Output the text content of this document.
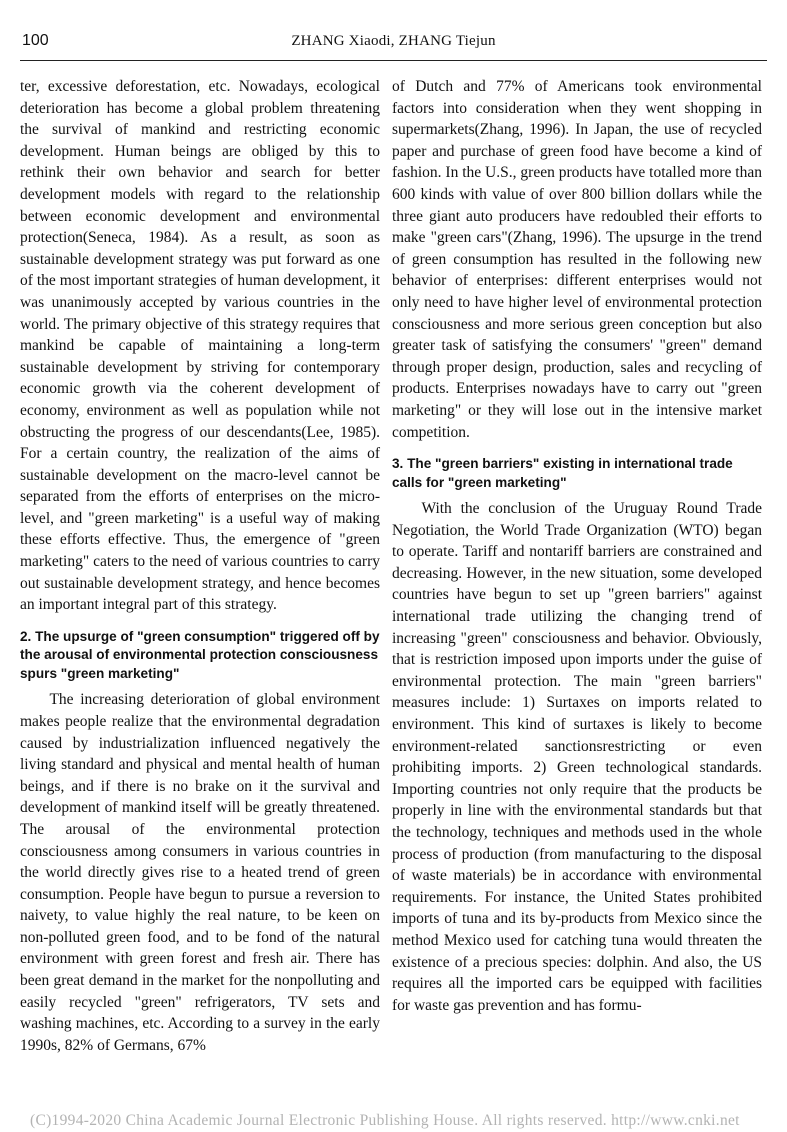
100	ZHANG Xiaodi, ZHANG Tiejun

ter, excessive deforestation, etc. Nowadays, ecological deterioration has become a global problem threatening the survival of mankind and restricting economic development. Human beings are obliged by this to rethink their own behavior and search for better development models with regard to the relationship between economic development and environmental protection(Seneca, 1984). As a result, as soon as sustainable development strategy was put forward as one of the most important strategies of human development, it was unanimously accepted by various countries in the world. The primary objective of this strategy requires that mankind be capable of maintaining a long-term sustainable development by striving for contemporary economic growth via the coherent development of economy, environment as well as population while not obstructing the progress of our descendants(Lee, 1985). For a certain country, the realization of the aims of sustainable development on the macro-level cannot be separated from the efforts of enterprises on the micro-level, and "green marketing" is a useful way of making these efforts effective. Thus, the emergence of "green marketing" caters to the need of various countries to carry out sustainable development strategy, and hence becomes an important integral part of this strategy.

2. The upsurge of "green consumption" triggered off by the arousal of environmental protection consciousness spurs "green marketing"

The increasing deterioration of global environment makes people realize that the environmental degradation caused by industrialization influenced negatively the living standard and physical and mental health of human beings, and if there is no brake on it the survival and development of mankind itself will be greatly threatened. The arousal of the environmental protection consciousness among consumers in various countries in the world directly gives rise to a heated trend of green consumption. People have begun to pursue a reversion to naivety, to value highly the real nature, to be keen on non-polluted green food, and to be fond of the natural environment with green forest and fresh air. There has been great demand in the market for the nonpolluting and easily recycled "green" refrigerators, TV sets and washing machines, etc. According to a survey in the early 1990s, 82% of Germans, 67%

of Dutch and 77% of Americans took environmental factors into consideration when they went shopping in supermarkets(Zhang, 1996). In Japan, the use of recycled paper and purchase of green food have become a kind of fashion. In the U.S., green products have totalled more than 600 kinds with value of over 800 billion dollars while the three giant auto producers have redoubled their efforts to make "green cars"(Zhang, 1996). The upsurge in the trend of green consumption has resulted in the following new behavior of enterprises: different enterprises would not only need to have higher level of environmental protection consciousness and more serious green conception but also greater task of satisfying the consumers' "green" demand through proper design, production, sales and recycling of products. Enterprises nowadays have to carry out "green marketing" or they will lose out in the intensive market competition.

3. The "green barriers" existing in international trade calls for "green marketing"

With the conclusion of the Uruguay Round Trade Negotiation, the World Trade Organization (WTO) began to operate. Tariff and nontariff barriers are constrained and decreasing. However, in the new situation, some developed countries have begun to set up "green barriers" against international trade utilizing the changing trend of increasing "green" consciousness and behavior. Obviously, that is restriction imposed upon imports under the guise of environmental protection. The main "green barriers" measures include: 1) Surtaxes on imports related to environment. This kind of surtaxes is likely to become environment-related sanctionsrestricting or even prohibiting imports. 2) Green technological standards. Importing countries not only require that the products be properly in line with the environmental standards but that the technology, techniques and methods used in the whole process of production (from manufacturing to the disposal of waste materials) be in accordance with environmental requirements. For instance, the United States prohibited imports of tuna and its by-products from Mexico since the method Mexico used for catching tuna would threaten the existence of a precious species: dolphin. And also, the US requires all the imported cars be equipped with facilities for waste gas prevention and has formu-

(C)1994-2020 China Academic Journal Electronic Publishing House. All rights reserved. http://www.cnki.net
